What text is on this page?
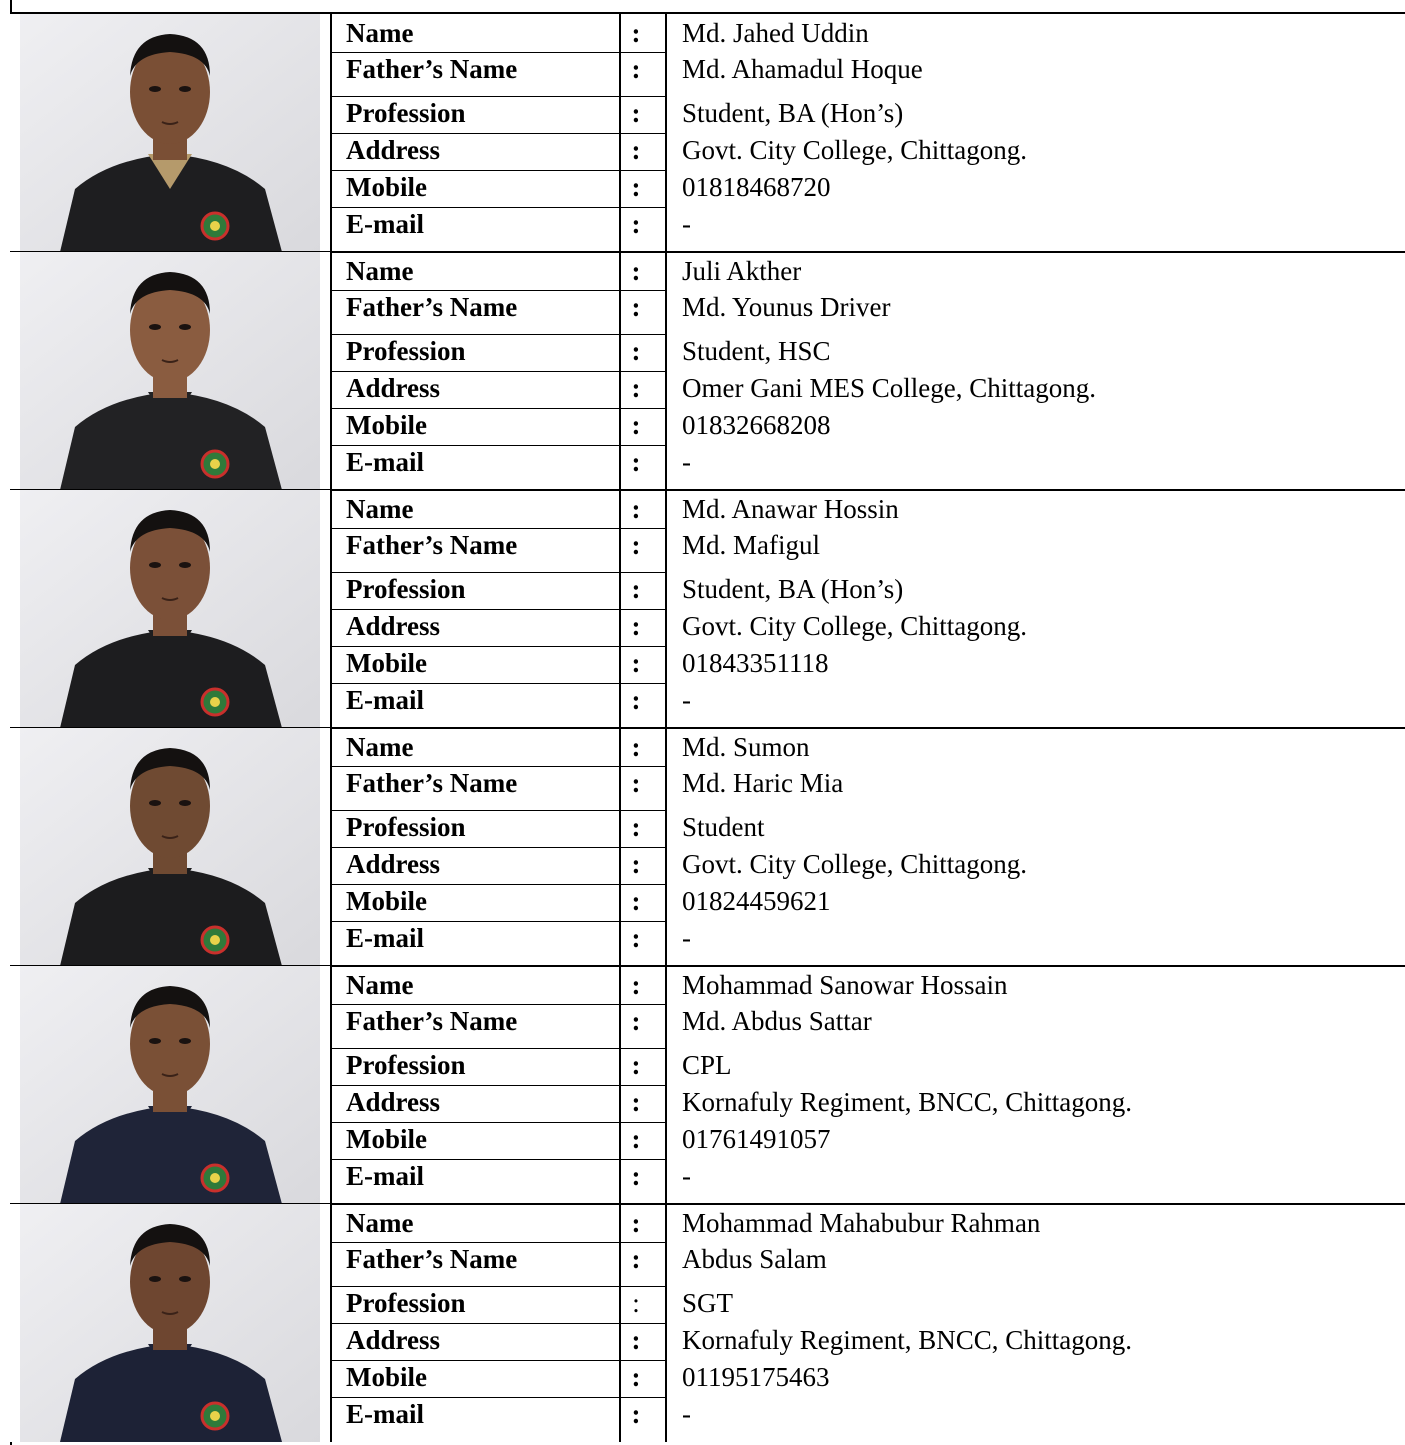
Name	: Md. Jahed Uddin
Father’s Name	: Md. Ahamadul Hoque
Profession	: Student, BA (Hon’s)
Address	: Govt. City College, Chittagong.
Mobile	: 01818468720
E-mail	: -
Name	: Juli Akther
Father’s Name	: Md. Younus Driver
Profession	: Student, HSC
Address	: Omer Gani MES College, Chittagong.
Mobile	: 01832668208
E-mail	: -
Name	: Md. Anawar Hossin
Father’s Name	: Md. Mafigul
Profession	: Student, BA (Hon’s)
Address	: Govt. City College, Chittagong.
Mobile	: 01843351118
E-mail	: -
Name	: Md. Sumon
Father’s Name	: Md. Haric Mia
Profession	: Student
Address	: Govt. City College, Chittagong.
Mobile	: 01824459621
E-mail	: -
Name	: Mohammad Sanowar Hossain
Father’s Name	: Md. Abdus Sattar
Profession	: CPL
Address	: Kornafuly Regiment, BNCC, Chittagong.
Mobile	: 01761491057
E-mail	: -
Name	: Mohammad Mahabubur Rahman
Father’s Name	: Abdus Salam
Profession	: SGT
Address	: Kornafuly Regiment, BNCC, Chittagong.
Mobile	: 01195175463
E-mail	: -
